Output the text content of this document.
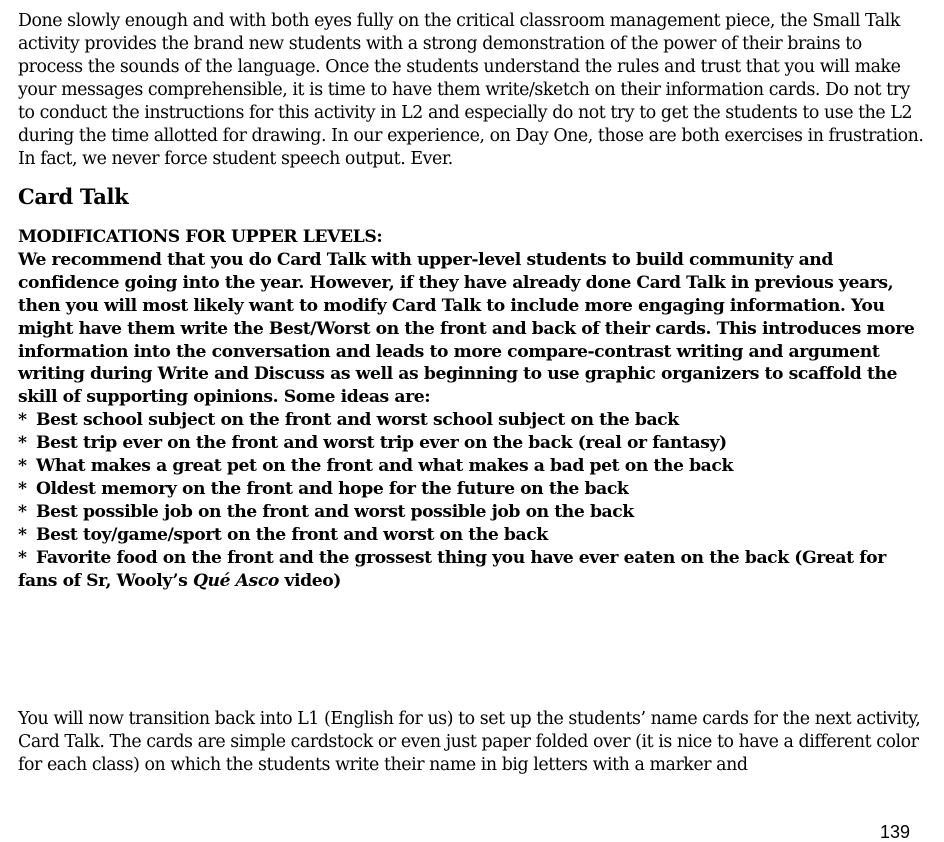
Done slowly enough and with both eyes fully on the critical classroom management piece, the Small Talk activity provides the brand new students with a strong demonstration of the power of their brains to process the sounds of the language. Once the students understand the rules and trust that you will make your messages comprehensible, it is time to have them write/sketch on their information cards. Do not try to conduct the instructions for this activity in L2 and especially do not try to get the students to use the L2 during the time allotted for drawing. In our experience, on Day One, those are both exercises in frustration. In fact, we never force student speech output. Ever.

Card Talk
MODIFICATIONS FOR UPPER LEVELS:
We recommend that you do Card Talk with upper-level students to build community and confidence going into the year. However, if they have already done Card Talk in previous years, then you will most likely want to modify Card Talk to include more engaging information. You might have them write the Best/Worst on the front and back of their cards. This introduces more information into the conversation and leads to more compare-contrast writing and argument writing during Write and Discuss as well as beginning to use graphic organizers to scaffold the skill of supporting opinions. Some ideas are:
* Best school subject on the front and worst school subject on the back
* Best trip ever on the front and worst trip ever on the back (real or fantasy)
* What makes a great pet on the front and what makes a bad pet on the back
* Oldest memory on the front and hope for the future on the back
* Best possible job on the front and worst possible job on the back
* Best toy/game/sport on the front and worst on the back
* Favorite food on the front and the grossest thing you have ever eaten on the back (Great for fans of Sr, Wooly’s Qué Asco video)

You will now transition back into L1 (English for us) to set up the students’ name cards for the next activity, Card Talk. The cards are simple cardstock or even just paper folded over (it is nice to have a different color for each class) on which the students write their name in big letters with a marker and

139
